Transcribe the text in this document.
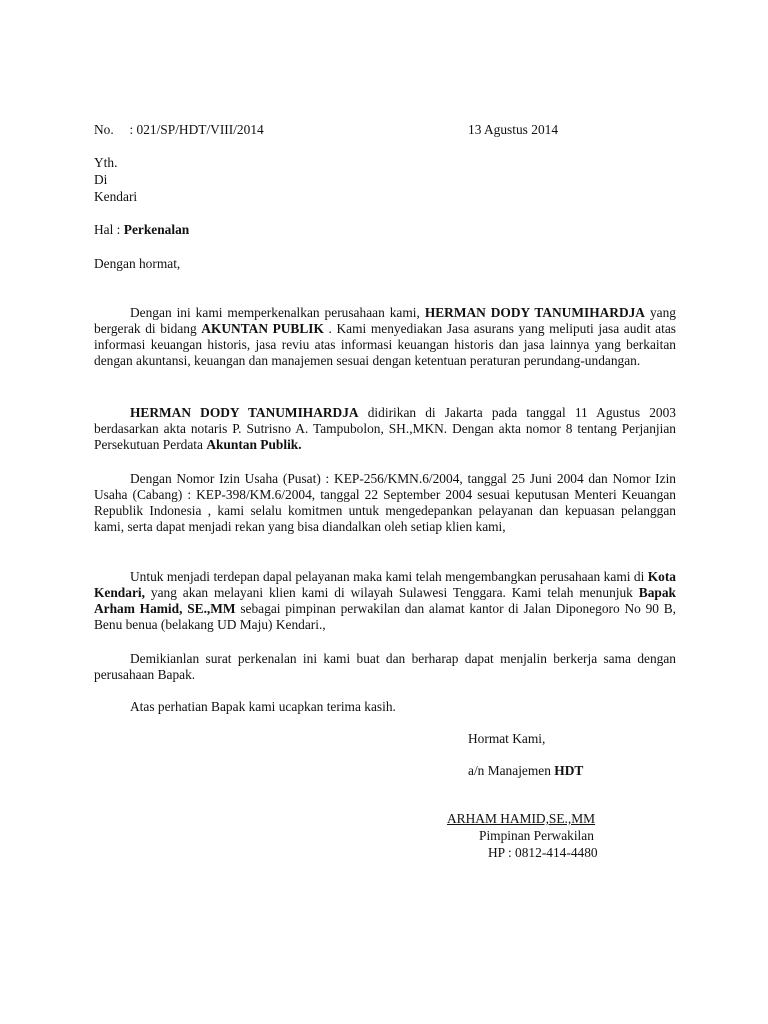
No. : 021/SP/HDT/VIII/2014	13 Agustus 2014
Yth.
Di
Kendari
Hal : Perkenalan
Dengan hormat,
Dengan ini kami memperkenalkan perusahaan kami, HERMAN DODY TANUMIHARDJA yang bergerak di bidang AKUNTAN PUBLIK . Kami menyediakan Jasa asurans yang meliputi jasa audit atas informasi keuangan historis, jasa reviu atas informasi keuangan historis dan jasa lainnya yang berkaitan dengan akuntansi, keuangan dan manajemen sesuai dengan ketentuan peraturan perundang-undangan.
HERMAN DODY TANUMIHARDJA didirikan di Jakarta pada tanggal 11 Agustus 2003 berdasarkan akta notaris P. Sutrisno A. Tampubolon, SH.,MKN. Dengan akta nomor 8 tentang Perjanjian Persekutuan Perdata Akuntan Publik.
Dengan Nomor Izin Usaha (Pusat) : KEP-256/KMN.6/2004, tanggal 25 Juni 2004 dan Nomor Izin Usaha (Cabang) : KEP-398/KM.6/2004, tanggal 22 September 2004 sesuai keputusan Menteri Keuangan Republik Indonesia , kami selalu komitmen untuk mengedepankan pelayanan dan kepuasan pelanggan kami, serta dapat menjadi rekan yang bisa diandalkan oleh setiap klien kami,
Untuk menjadi terdepan dapal pelayanan maka kami telah mengembangkan perusahaan kami di Kota Kendari, yang akan melayani klien kami di wilayah Sulawesi Tenggara. Kami telah menunjuk Bapak Arham Hamid, SE.,MM sebagai pimpinan perwakilan dan alamat kantor di Jalan Diponegoro No 90 B, Benu benua (belakang UD Maju) Kendari.,
Demikianlan surat perkenalan ini kami buat dan berharap dapat menjalin berkerja sama dengan perusahaan Bapak.
Atas perhatian Bapak kami ucapkan terima kasih.
Hormat Kami,
a/n Manajemen HDT
ARHAM HAMID,SE.,MM
Pimpinan Perwakilan
HP : 0812-414-4480
